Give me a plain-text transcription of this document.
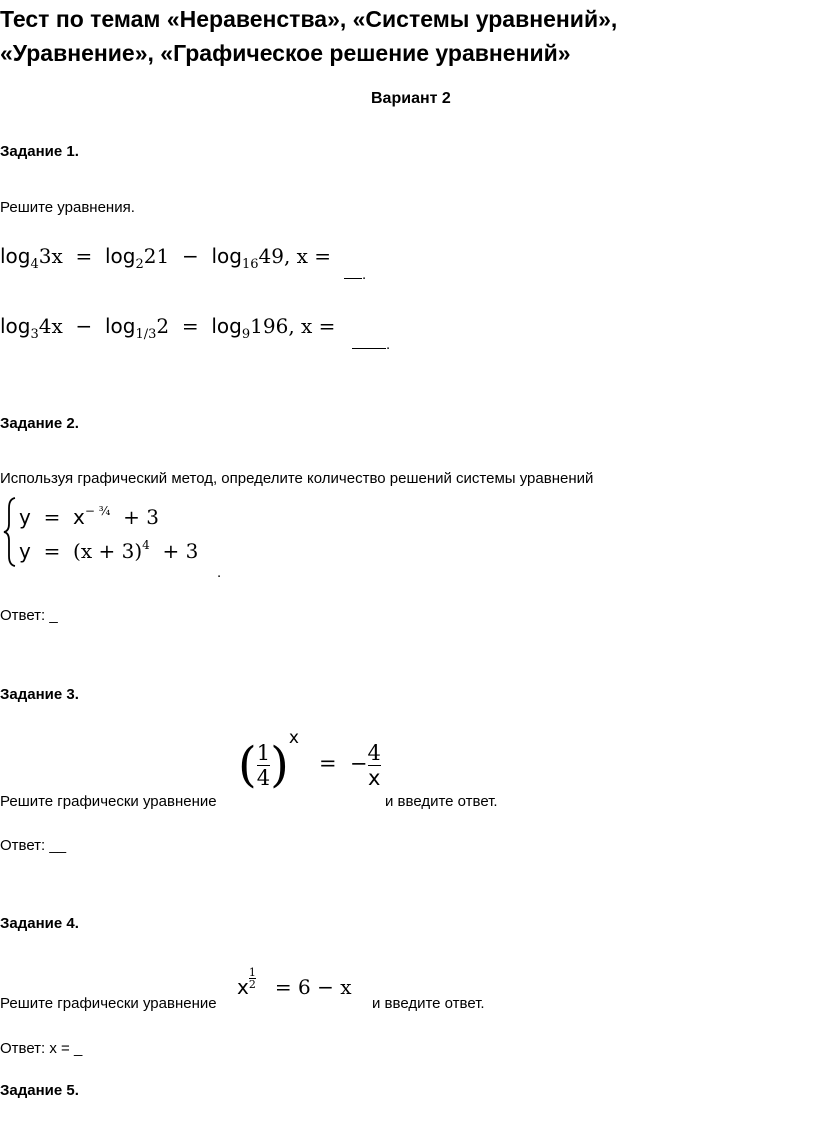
Тест по темам «Неравенства», «Системы уравнений»,
«Уравнение», «Графическое решение уравнений»
Вариант 2
Задание 1.
Решите уравнения.
$\log_43x = \log_221 - \log_{16}49$, x =
.
$\log_34x - \log_{1/3}2 = \log_9196$, x =
.
Задание 2.
Используя графический метод, определите количество решений системы уравнений
$y = x^{- \frac{3}{4}} + 3$
$y = (x + 3)^4 + 3$
.
Ответ: _
Задание 3.
Решите графически уравнение
( $\frac{1}{4} )^x$   = − $\frac{4}{x}$
и введите ответ.
Ответ: __
Задание 4.
Решите графически уравнение
x $\frac{1}{2} = 6 - x$
и введите ответ.
Ответ: x = _
Задание 5.
